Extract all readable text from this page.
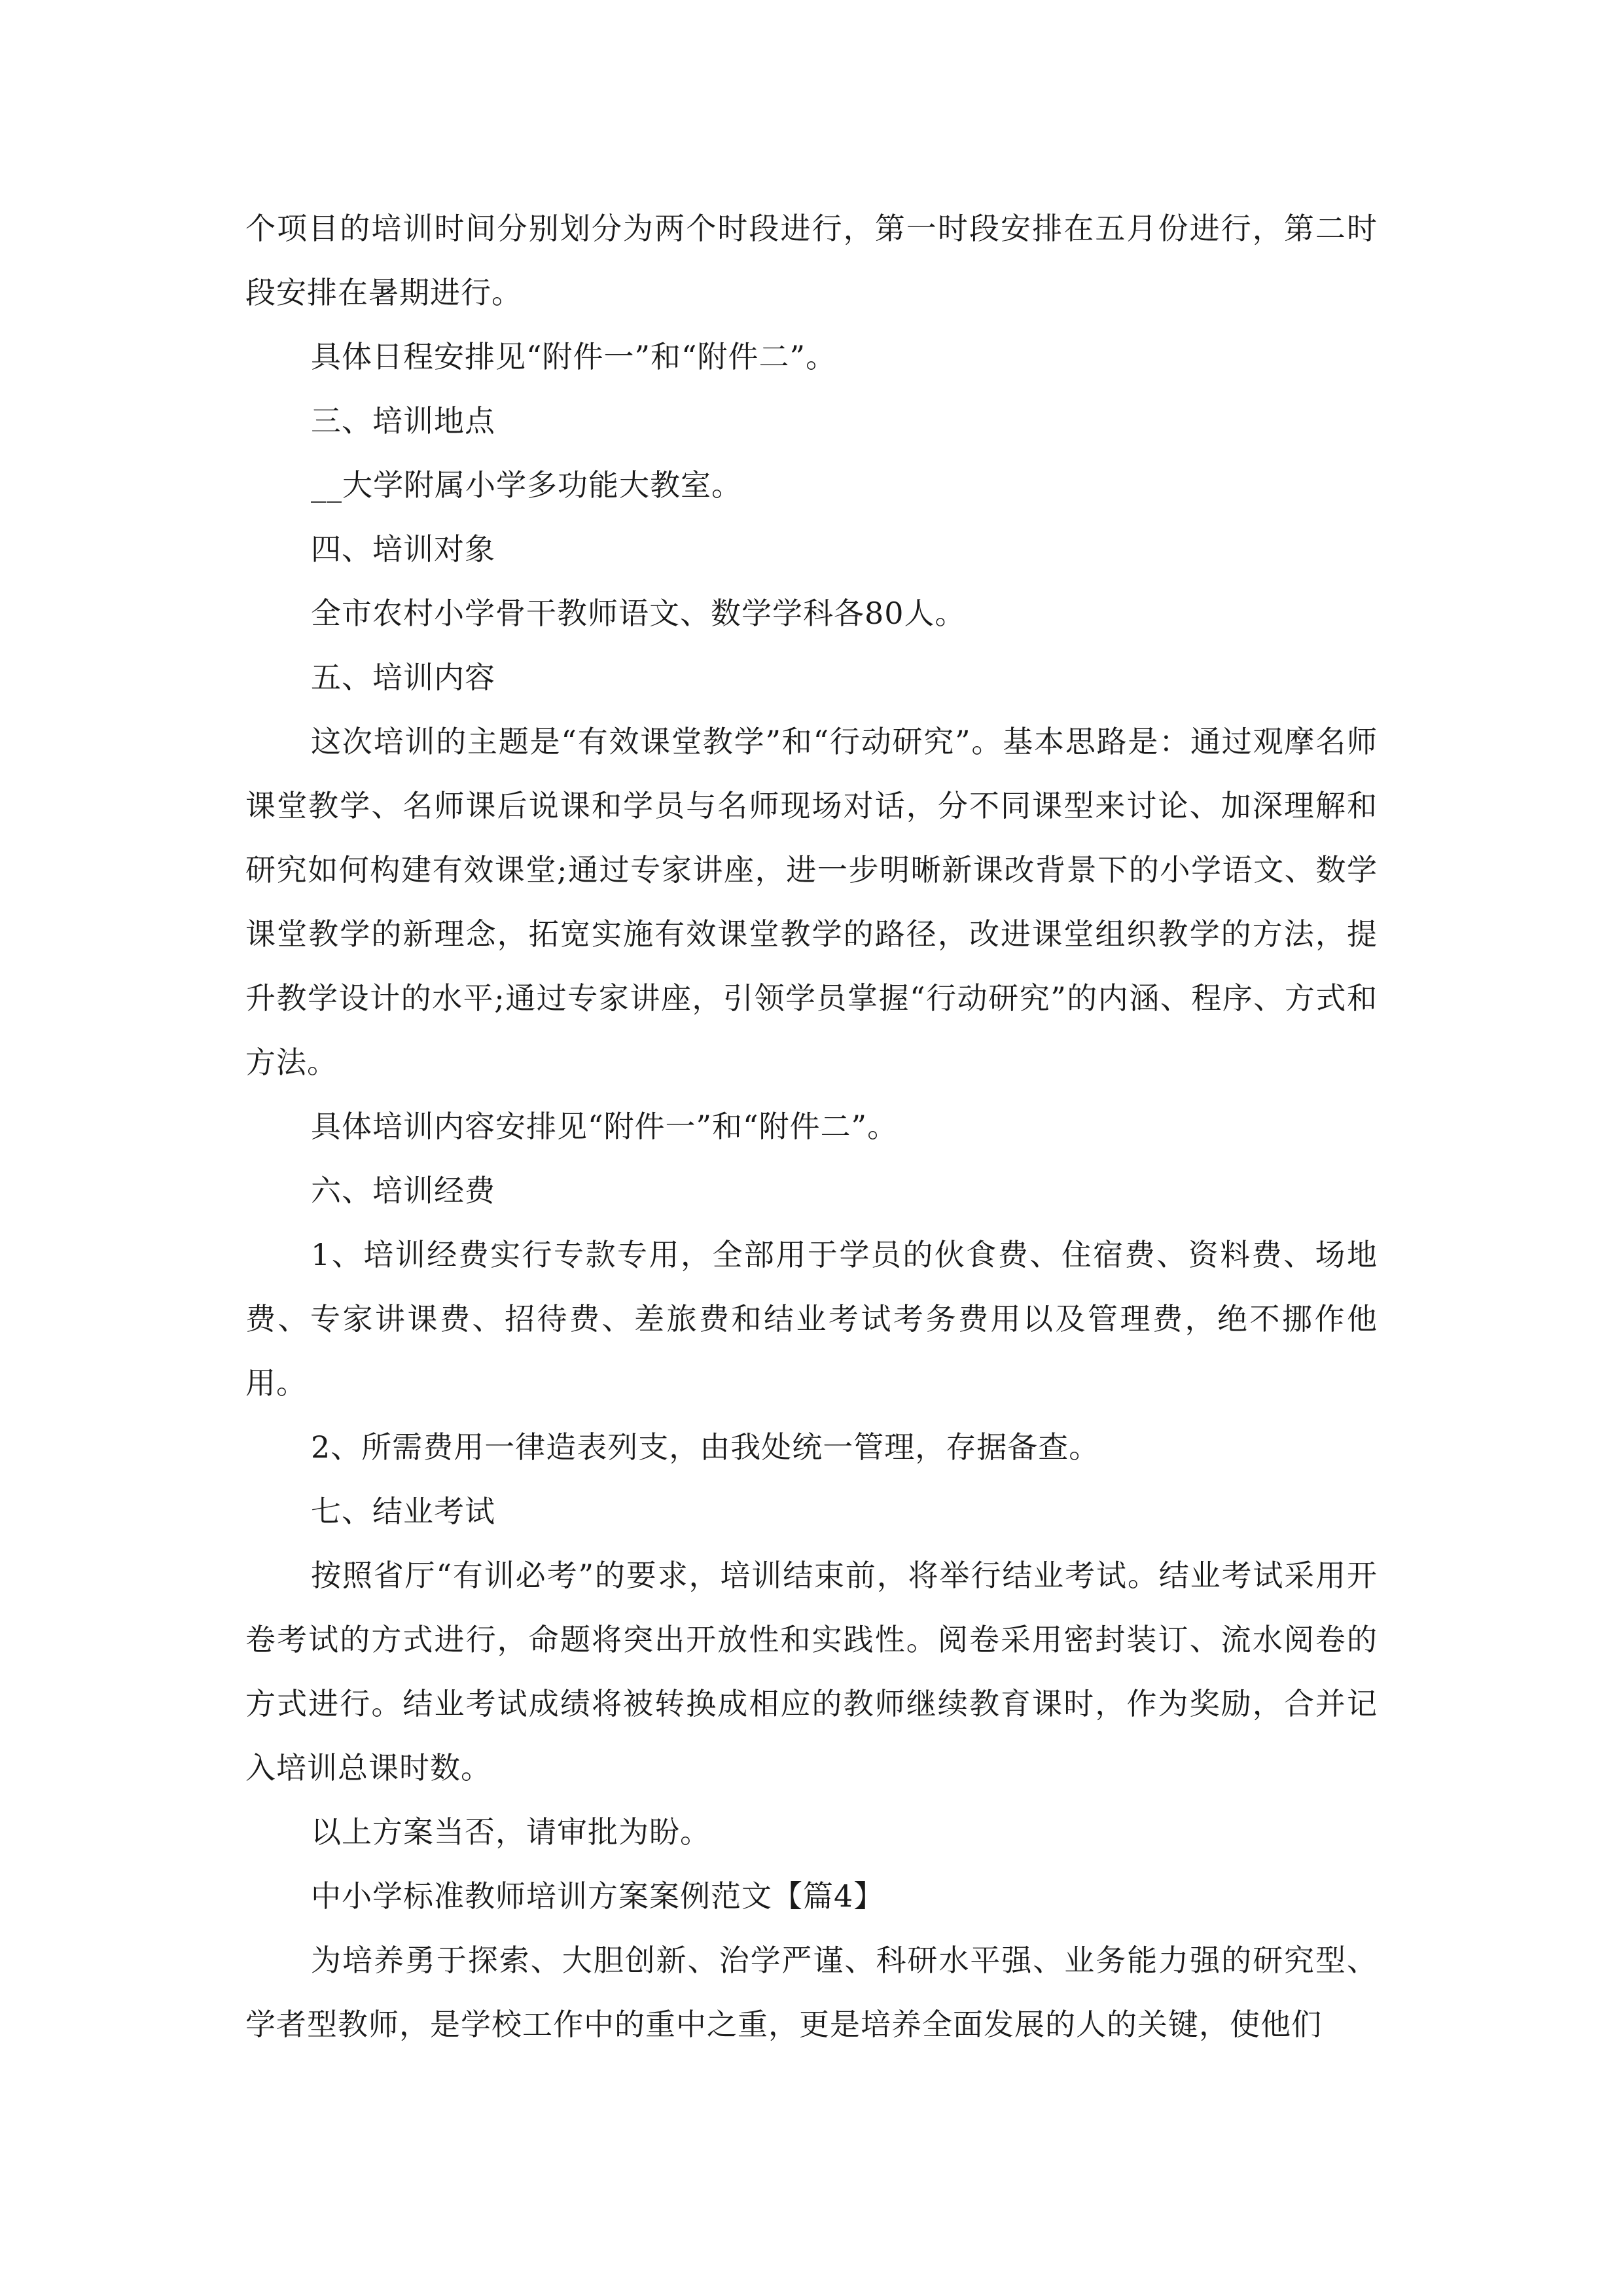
个项目的培训时间分别划分为两个时段进行，第一时段安排在五月份进行，第二时段安排在暑期进行。

具体日程安排见“附件一”和“附件二”。

三、培训地点

__大学附属小学多功能大教室。

四、培训对象

全市农村小学骨干教师语文、数学学科各80人。

五、培训内容

这次培训的主题是“有效课堂教学”和“行动研究”。基本思路是：通过观摩名师课堂教学、名师课后说课和学员与名师现场对话，分不同课型来讨论、加深理解和研究如何构建有效课堂;通过专家讲座，进一步明晰新课改背景下的小学语文、数学课堂教学的新理念，拓宽实施有效课堂教学的路径，改进课堂组织教学的方法，提升教学设计的水平;通过专家讲座，引领学员掌握“行动研究”的内涵、程序、方式和方法。

具体培训内容安排见“附件一”和“附件二”。

六、培训经费

1、培训经费实行专款专用，全部用于学员的伙食费、住宿费、资料费、场地费、专家讲课费、招待费、差旅费和结业考试考务费用以及管理费，绝不挪作他用。

2、所需费用一律造表列支，由我处统一管理，存据备查。

七、结业考试

按照省厅“有训必考”的要求，培训结束前，将举行结业考试。结业考试采用开卷考试的方式进行，命题将突出开放性和实践性。阅卷采用密封装订、流水阅卷的方式进行。结业考试成绩将被转换成相应的教师继续教育课时，作为奖励，合并记入培训总课时数。

以上方案当否，请审批为盼。

中小学标准教师培训方案案例范文【篇4】

为培养勇于探索、大胆创新、治学严谨、科研水平强、业务能力强的研究型、学者型教师，是学校工作中的重中之重，更是培养全面发展的人的关键，使他们
